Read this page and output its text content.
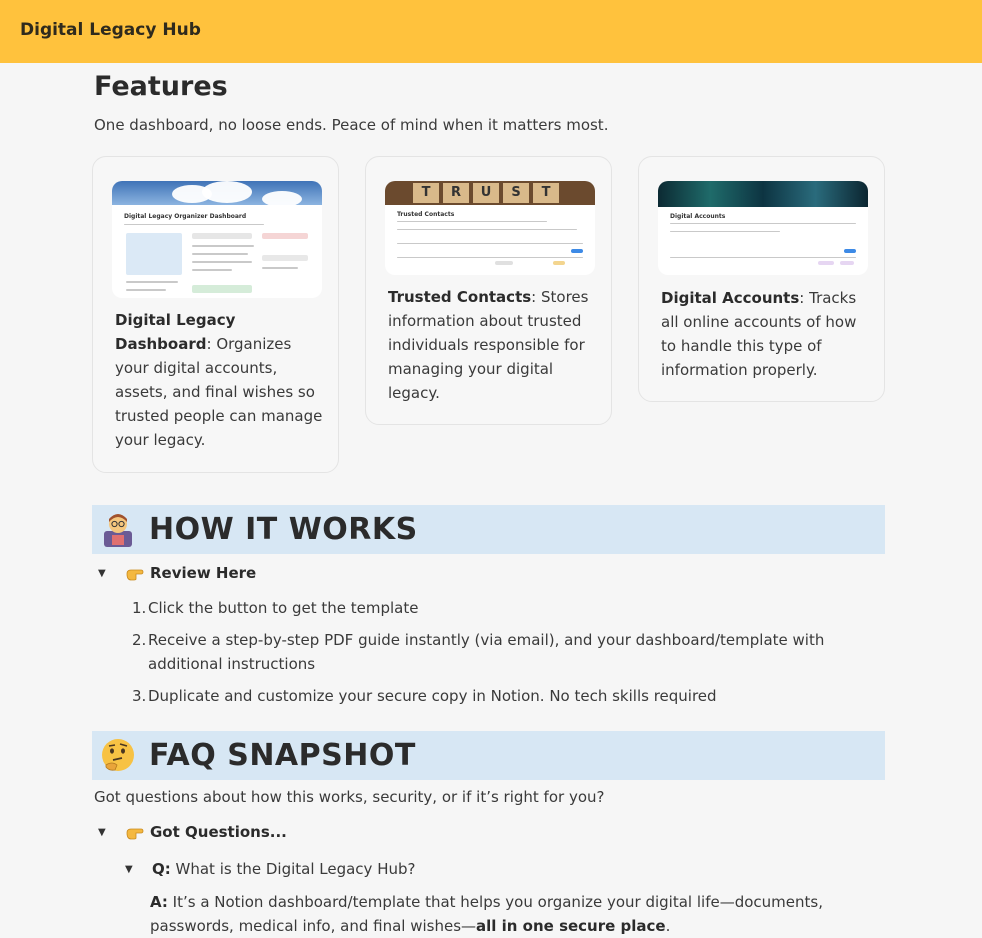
Digital Legacy Hub
Features
One dashboard, no loose ends. Peace of mind when it matters most.
Digital Legacy Organizer Dashboard
Digital Legacy Dashboard: Organizes your digital accounts, assets, and final wishes so trusted people can manage your legacy.
T	R	U	S	T
Trusted Contacts
Trusted Contacts: Stores information about trusted individuals responsible for managing your digital legacy.
Digital Accounts
Digital Accounts: Tracks all online accounts of how to handle this type of information properly.
HOW IT WORKS
▼	Review Here
1. Click the button to get the template
2. Receive a step-by-step PDF guide instantly (via email), and your dashboard/template with additional instructions
3. Duplicate and customize your secure copy in Notion. No tech skills required
FAQ SNAPSHOT
Got questions about how this works, security, or if it’s right for you?
▼	Got Questions...
▼ Q: What is the Digital Legacy Hub?
A: It’s a Notion dashboard/template that helps you organize your digital life—documents, passwords, medical info, and final wishes—all in one secure place.
